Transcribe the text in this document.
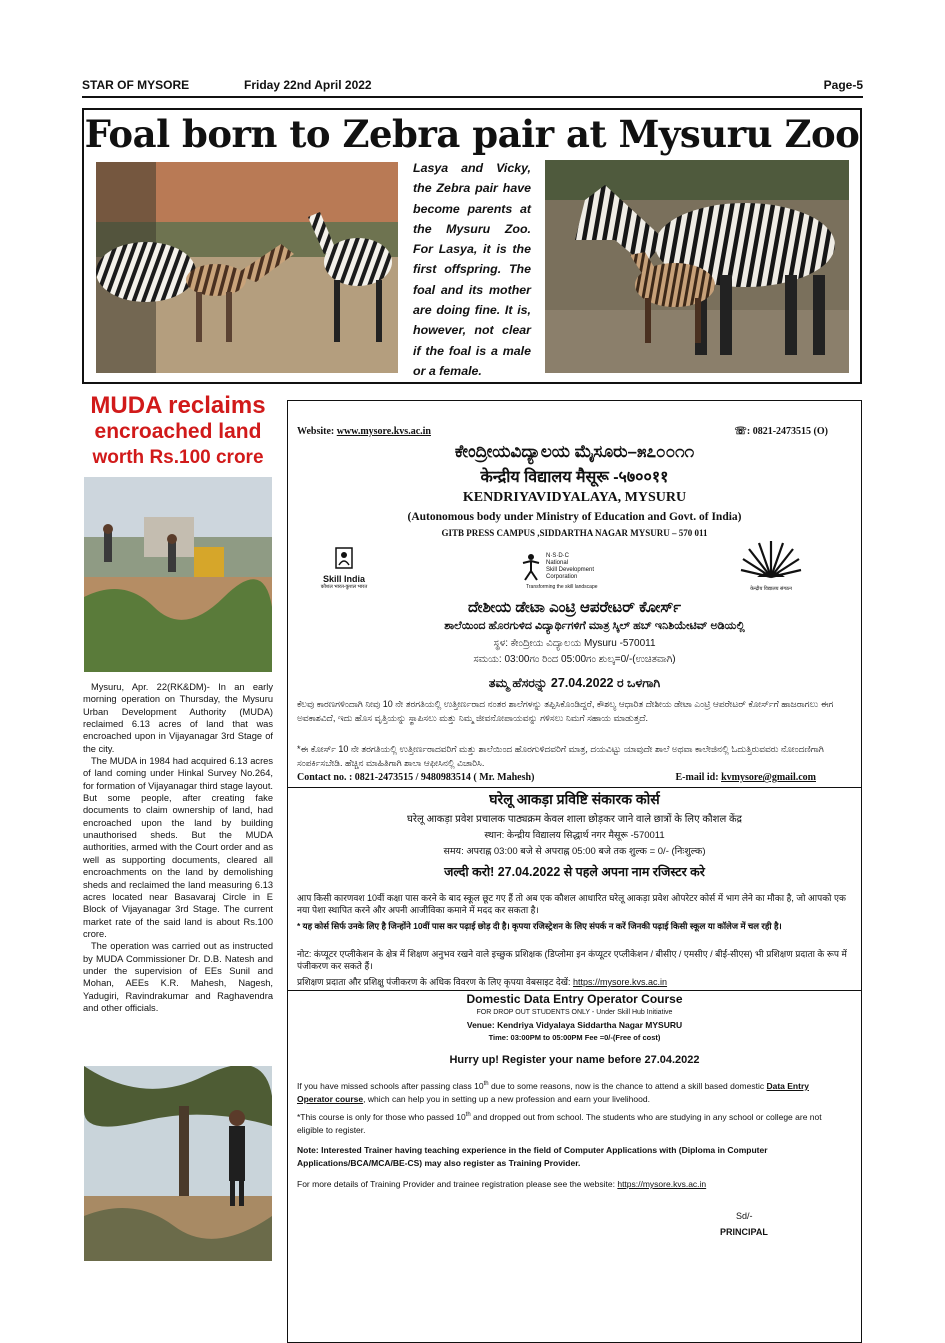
STAR OF MYSORE	Friday 22nd April 2022	Page-5
Foal born to Zebra pair at Mysuru Zoo
Lasya and Vicky, the Zebra pair have become parents at the Mysuru Zoo. For Lasya, it is the first offspring. The foal and its mother are doing fine. It is, however, not clear if the foal is a male or a female.
MUDA reclaims
encroached land
worth Rs.100 crore

Mysuru, Apr. 22(RK&DM)- In an early morning operation on Thursday, the Mysuru Urban Development Authority (MUDA) reclaimed 6.13 acres of land that was encroached upon in Vijayanagar 3rd Stage of the city.

The MUDA in 1984 had acquired 6.13 acres of land coming under Hinkal Survey No.264, for formation of Vijayanagar third stage layout. But some people, after creating fake documents to claim ownership of land, had encroached upon the land by building unauthorised sheds. But the MUDA authorities, armed with the Court order and as well as supporting documents, cleared all encroachments on the land by demolishing sheds and reclaimed the land measuring 6.13 acres located near Basavaraj Circle in E Block of Vijayanagar 3rd Stage. The current market rate of the said land is about Rs.100 crore.

The operation was carried out as instructed by MUDA Commissioner Dr. D.B. Natesh and under the supervision of EEs Sunil and Mohan, AEEs K.R. Mahesh, Nagesh, Yadugiri, Ravindrakumar and Raghavendra and other officials.

Website: www.mysore.kvs.ac.in	☏: 0821-2473515 (O)
ಕೇಂದ್ರೀಯವಿದ್ಯಾಲಯ ಮೈಸೂರು–೫೭೦೦೧೧
केन्द्रीय विद्यालय मैसूरू -५७००११
KENDRIYAVIDYALAYA, MYSURU
(Autonomous body under Ministry of Education and Govt. of India)
GITB PRESS CAMPUS ,SIDDARTHA NAGAR MYSURU – 570 011
Skill India
कौशल भारत-कुशल भारत
N·S·D·C
National
Skill Development
Corporation
Transforming the skill landscape	केन्द्रीय विद्यालय संगठन
ದೇಶೀಯ ಡೇಟಾ ಎಂಟ್ರಿ ಆಪರೇಟರ್ ಕೋರ್ಸ್
ಶಾಲೆಯಿಂದ ಹೊರಗುಳಿದ ವಿದ್ಯಾರ್ಥಿಗಳಿಗೆ ಮಾತ್ರ ಸ್ಕಿಲ್ ಹಬ್ ಇನಿಶಿಯೇಟಿವ್ ಅಡಿಯಲ್ಲಿ
ಸ್ಥಳ: ಕೇಂದ್ರೀಯ ವಿದ್ಯಾಲಯ Mysuru -570011
ಸಮಯ: 03:00ಗಂ ರಿಂದ 05:00ಗಂ ಶುಲ್ಕ=0/-(ಉಚಿತವಾಗಿ)
ತಮ್ಮ ಹೆಸರನ್ನು 27.04.2022 ರ ಒಳಗಾಗಿ
ಕೆಲವು ಕಾರಣಗಳಿಂದಾಗಿ ನೀವು 10 ನೇ ತರಗತಿಯಲ್ಲಿ ಉತ್ತೀರ್ಣರಾದ ನಂತರ ಶಾಲೆಗಳನ್ನು ತಪ್ಪಿಸಿಕೊಂಡಿದ್ದರೆ, ಕೌಶಲ್ಯ ಆಧಾರಿತ ದೇಶೀಯ ಡೇಟಾ ಎಂಟ್ರಿ ಆಪರೇಟರ್ ಕೋರ್ಸ್‌ಗೆ ಹಾಜರಾಗಲು ಈಗ ಅವಕಾಶವಿದೆ, ಇದು ಹೊಸ ವೃತ್ತಿಯನ್ನು ಸ್ಥಾಪಿಸಲು ಮತ್ತು ನಿಮ್ಮ ಜೀವನೋಪಾಯವನ್ನು ಗಳಿಸಲು ನಿಮಗೆ ಸಹಾಯ ಮಾಡುತ್ತದೆ.
*ಈ ಕೋರ್ಸ್ 10 ನೇ ತರಗತಿಯಲ್ಲಿ ಉತ್ತೀರ್ಣರಾದವರಿಗೆ ಮತ್ತು ಶಾಲೆಯಿಂದ ಹೊರಗುಳಿದವರಿಗೆ ಮಾತ್ರ, ದಯವಿಟ್ಟು ಯಾವುದೇ ಶಾಲೆ ಅಥವಾ ಕಾಲೇಜಿನಲ್ಲಿ ಓದುತ್ತಿರುವವರು ನೋಂದಣಿಗಾಗಿ ಸಂಪರ್ಕಿಸಬೇಡಿ. ಹೆಚ್ಚಿನ ಮಾಹಿತಿಗಾಗಿ ಶಾಲಾ ಆಫೀಸಿನಲ್ಲಿ ವಿಚಾರಿಸಿ.
Contact no. : 0821-2473515 / 9480983514 ( Mr. Mahesh)	E-mail id: kvmysore@gmail.com
घरेलू आकड़ा प्रविष्टि संकारक कोर्स
घरेलू आकड़ा प्रवेश प्रचालक पाठ्यक्रम केवल शाला छोड़कर जाने वाले छात्रों के लिए कौशल केंद्र
स्थान: केन्द्रीय विद्यालय सिद्धार्थ नगर मैसूरू -570011
समय: अपराह्न 03:00 बजे से अपराह्न 05:00 बजे तक शुल्क = 0/- (निःशुल्क)
जल्दी करो! 27.04.2022 से पहले अपना नाम रजिस्टर करे
आप किसी कारणवश 10वीं कक्षा पास करने के बाद स्कूल छूट गए हैं तो अब एक कौशल आधारित घरेलू आकड़ा प्रवेश ओपरेटर कोर्स में भाग लेने का मौका है, जो आपको एक नया पेशा स्थापित करने और अपनी आजीविका कमाने में मदद कर सकता है।
* यह कोर्स सिर्फ उनके लिए है जिन्होंने 10वीं पास कर पढ़ाई छोड़ दी है। कृपया रजिस्ट्रेशन के लिए संपर्क न करें जिनकी पढ़ाई किसी स्कूल या कॉलेज में चल रही है।
नोट: कंप्यूटर एप्लीकेशन के क्षेत्र में शिक्षण अनुभव रखने वाले इच्छुक प्रशिक्षक (डिप्लोमा इन कंप्यूटर एप्लीकेशन / बीसीए / एमसीए / बीई-सीएस) भी प्रशिक्षण प्रदाता के रूप में पंजीकरण कर सकते हैं।
प्रशिक्षण प्रदाता और प्रशिक्षु पंजीकरण के अधिक विवरण के लिए कृपया वेबसाइट देखें: https://mysore.kvs.ac.in
Domestic Data Entry Operator Course
FOR DROP OUT STUDENTS ONLY - Under Skill Hub Initiative
Venue: Kendriya Vidyalaya Siddartha Nagar MYSURU
Time: 03:00PM to 05:00PM Fee =0/-(Free of cost)
Hurry up! Register your name before 27.04.2022
If you have missed schools after passing class 10th due to some reasons, now is the chance to attend a skill based domestic Data Entry Operator course, which can help you in setting up a new profession and earn your livelihood.
*This course is only for those who passed 10th and dropped out from school. The students who are studying in any school or college are not eligible to register.
Note: Interested Trainer having teaching experience in the field of Computer Applications with (Diploma in Computer Applications/BCA/MCA/BE-CS) may also register as Training Provider.
For more details of Training Provider and trainee registration please see the website: https://mysore.kvs.ac.in
Sd/-
PRINCIPAL
